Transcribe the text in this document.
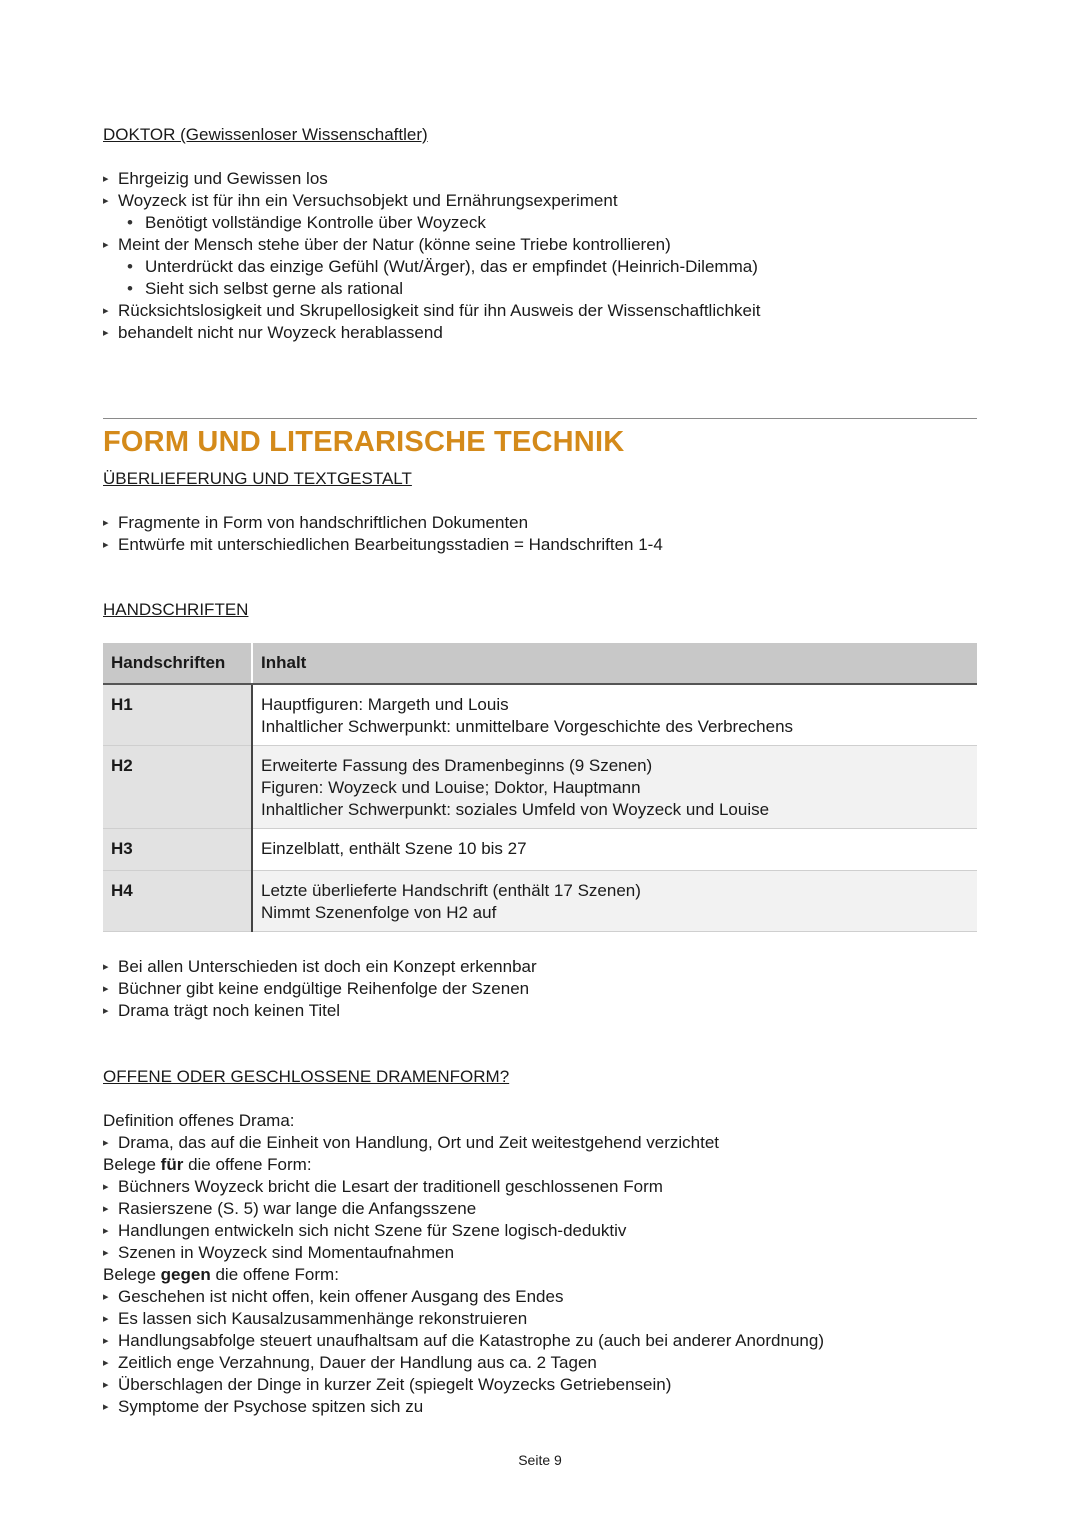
DOKTOR (Gewissenloser Wissenschaftler)
▸ Ehrgeizig und Gewissen los
▸ Woyzeck ist für ihn ein Versuchsobjekt und Ernährungsexperiment
• Benötigt vollständige Kontrolle über Woyzeck
▸ Meint der Mensch stehe über der Natur (könne seine Triebe kontrollieren)
• Unterdrückt das einzige Gefühl (Wut/Ärger), das er empfindet (Heinrich-Dilemma)
• Sieht sich selbst gerne als rational
▸ Rücksichtslosigkeit und Skrupellosigkeit sind für ihn Ausweis der Wissenschaftlichkeit
▸ behandelt nicht nur Woyzeck herablassend
FORM UND LITERARISCHE TECHNIK
ÜBERLIEFERUNG UND TEXTGESTALT
▸ Fragmente in Form von handschriftlichen Dokumenten
▸ Entwürfe mit unterschiedlichen Bearbeitungsstadien = Handschriften 1-4
HANDSCHRIFTEN
Handschriften	Inhalt
H1	Hauptfiguren: Margeth und Louis
Inhaltlicher Schwerpunkt: unmittelbare Vorgeschichte des Verbrechens

H2	Erweiterte Fassung des Dramenbeginns (9 Szenen)
Figuren: Woyzeck und Louise; Doktor, Hauptmann
Inhaltlicher Schwerpunkt: soziales Umfeld von Woyzeck und Louise

H3	Einzelblatt, enthält Szene 10 bis 27

H4	Letzte überlieferte Handschrift (enthält 17 Szenen)
Nimmt Szenenfolge von H2 auf
▸ Bei allen Unterschieden ist doch ein Konzept erkennbar
▸ Büchner gibt keine endgültige Reihenfolge der Szenen
▸ Drama trägt noch keinen Titel
OFFENE ODER GESCHLOSSENE DRAMENFORM?

Definition offenes Drama:

▸ Drama, das auf die Einheit von Handlung, Ort und Zeit weitestgehend verzichtet

Belege für die offene Form:

▸ Büchners Woyzeck bricht die Lesart der traditionell geschlossenen Form
▸ Rasierszene (S. 5) war lange die Anfangsszene
▸ Handlungen entwickeln sich nicht Szene für Szene logisch-deduktiv
▸ Szenen in Woyzeck sind Momentaufnahmen

Belege gegen die offene Form:

▸ Geschehen ist nicht offen, kein offener Ausgang des Endes
▸ Es lassen sich Kausalzusammenhänge rekonstruieren
▸ Handlungsabfolge steuert unaufhaltsam auf die Katastrophe zu (auch bei anderer Anordnung)
▸ Zeitlich enge Verzahnung, Dauer der Handlung aus ca. 2 Tagen
▸ Überschlagen der Dinge in kurzer Zeit (spiegelt Woyzecks Getriebensein)
▸ Symptome der Psychose spitzen sich zu
Seite 9
